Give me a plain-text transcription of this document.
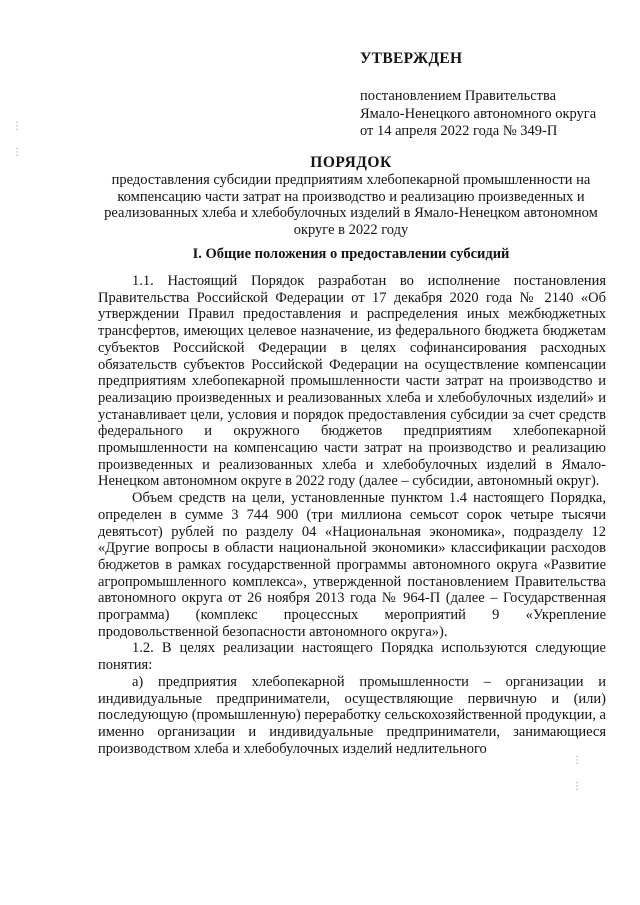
УТВЕРЖДЕН
постановлением Правительства
Ямало-Ненецкого автономного округа
от 14 апреля 2022 года № 349-П

ПОРЯДОК

предоставления субсидии предприятиям хлебопекарной промышленности на компенсацию части затрат на производство и реализацию произведенных и реализованных хлеба и хлебобулочных изделий в Ямало-Ненецком автономном округе в 2022 году

I. Общие положения о предоставлении субсидий

1.1. Настоящий Порядок разработан во исполнение постановления Правительства Российской Федерации от 17 декабря 2020 года № 2140 «Об утверждении Правил предоставления и распределения иных межбюджетных трансфертов, имеющих целевое назначение, из федерального бюджета бюджетам субъектов Российской Федерации в целях софинансирования расходных обязательств субъектов Российской Федерации на осуществление компенсации предприятиям хлебопекарной промышленности части затрат на производство и реализацию произведенных и реализованных хлеба и хлебобулочных изделий» и устанавливает цели, условия и порядок предоставления субсидии за счет средств федерального и окружного бюджетов предприятиям хлебопекарной промышленности на компенсацию части затрат на производство и реализацию произведенных и реализованных хлеба и хлебобулочных изделий в Ямало-Ненецком автономном округе в 2022 году (далее – субсидии, автономный округ).

Объем средств на цели, установленные пунктом 1.4 настоящего Порядка, определен в сумме 3 744 900 (три миллиона семьсот сорок четыре тысячи девятьсот) рублей по разделу 04 «Национальная экономика», подразделу 12 «Другие вопросы в области национальной экономики» классификации расходов бюджетов в рамках государственной программы автономного округа «Развитие агропромышленного комплекса», утвержденной постановлением Правительства автономного округа от 26 ноября 2013 года № 964-П (далее – Государственная программа) (комплекс процессных мероприятий 9 «Укрепление продовольственной безопасности автономного округа»).

1.2. В целях реализации настоящего Порядка используются следующие понятия:

а) предприятия хлебопекарной промышленности – организации и индивидуальные предприниматели, осуществляющие первичную и (или) последующую (промышленную) переработку сельскохозяйственной продукции, а именно организации и индивидуальные предприниматели, занимающиеся производством хлеба и хлебобулочных изделий недлительного

⋮
⋮
⋮
⋮
